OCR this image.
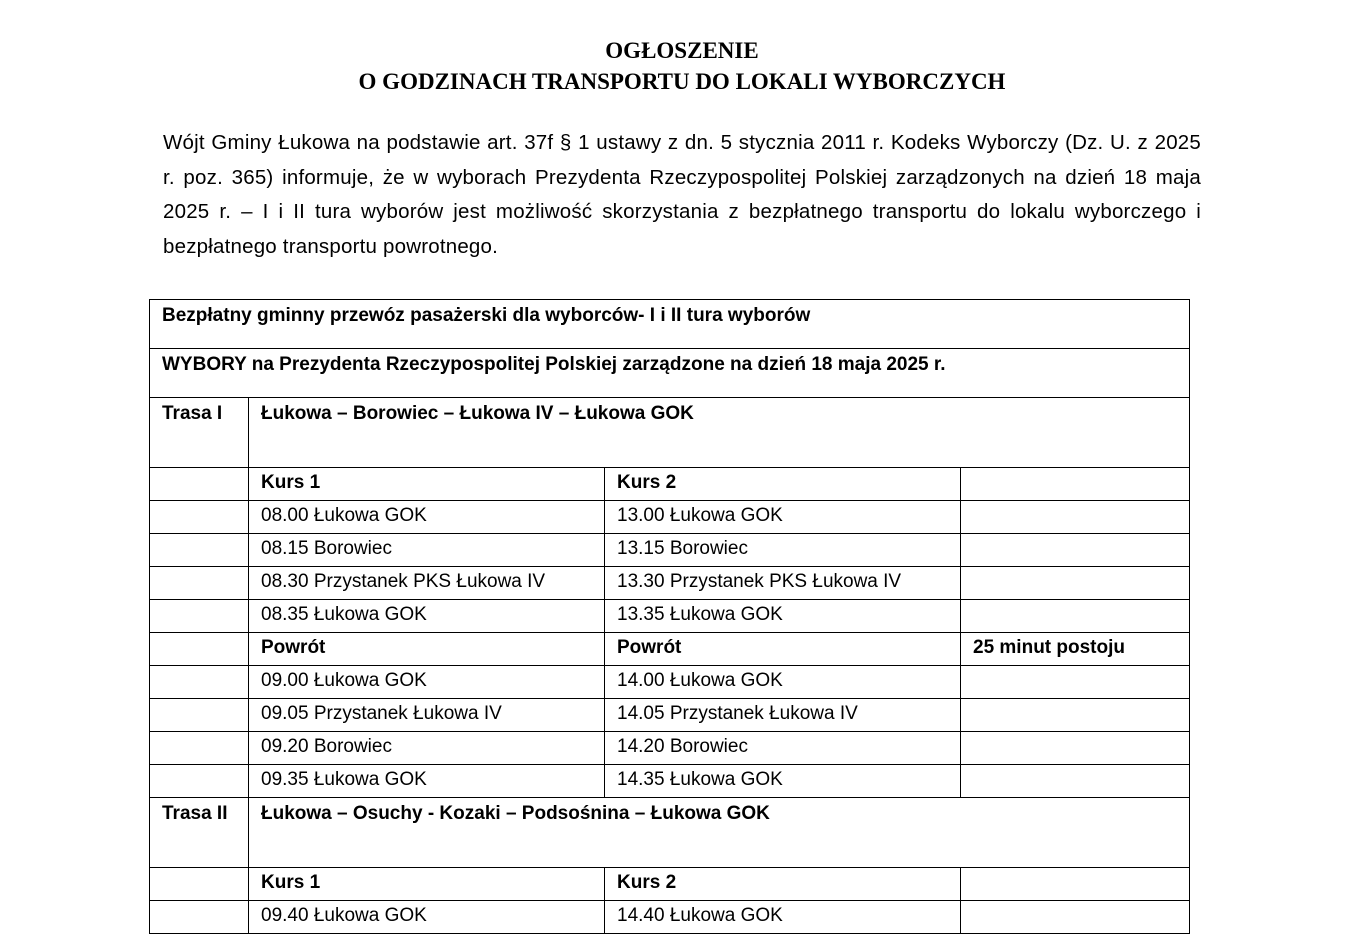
OGŁOSZENIE
O GODZINACH TRANSPORTU DO LOKALI WYBORCZYCH
Wójt Gminy Łukowa na podstawie art. 37f § 1 ustawy z dn. 5 stycznia 2011 r. Kodeks Wyborczy (Dz. U. z 2025 r. poz. 365) informuje, że w wyborach Prezydenta Rzeczypospolitej Polskiej zarządzonych na dzień 18 maja 2025 r. – I i II tura wyborów jest możliwość skorzystania z bezpłatnego transportu do lokalu wyborczego i bezpłatnego transportu powrotnego.
Bezpłatny gminny przewóz pasażerski dla wyborców- I i II tura wyborów			
WYBORY na Prezydenta Rzeczypospolitej Polskiej zarządzone na dzień 18 maja 2025 r.			
Trasa I	Łukowa – Borowiec – Łukowa IV – Łukowa GOK		
	Kurs 1	Kurs 2	
	08.00 Łukowa GOK	13.00 Łukowa GOK	
	08.15 Borowiec	13.15 Borowiec	
	08.30 Przystanek PKS Łukowa IV	13.30 Przystanek PKS Łukowa IV	
	08.35 Łukowa GOK	13.35 Łukowa GOK	
	Powrót	Powrót	25 minut postoju
	09.00 Łukowa GOK	14.00 Łukowa GOK	
	09.05 Przystanek Łukowa IV	14.05 Przystanek Łukowa IV	
	09.20 Borowiec	14.20 Borowiec	
	09.35 Łukowa GOK	14.35 Łukowa GOK	
Trasa II	Łukowa – Osuchy - Kozaki – Podsośnina – Łukowa GOK		
	Kurs 1	Kurs 2	
	09.40 Łukowa GOK	14.40 Łukowa GOK	
